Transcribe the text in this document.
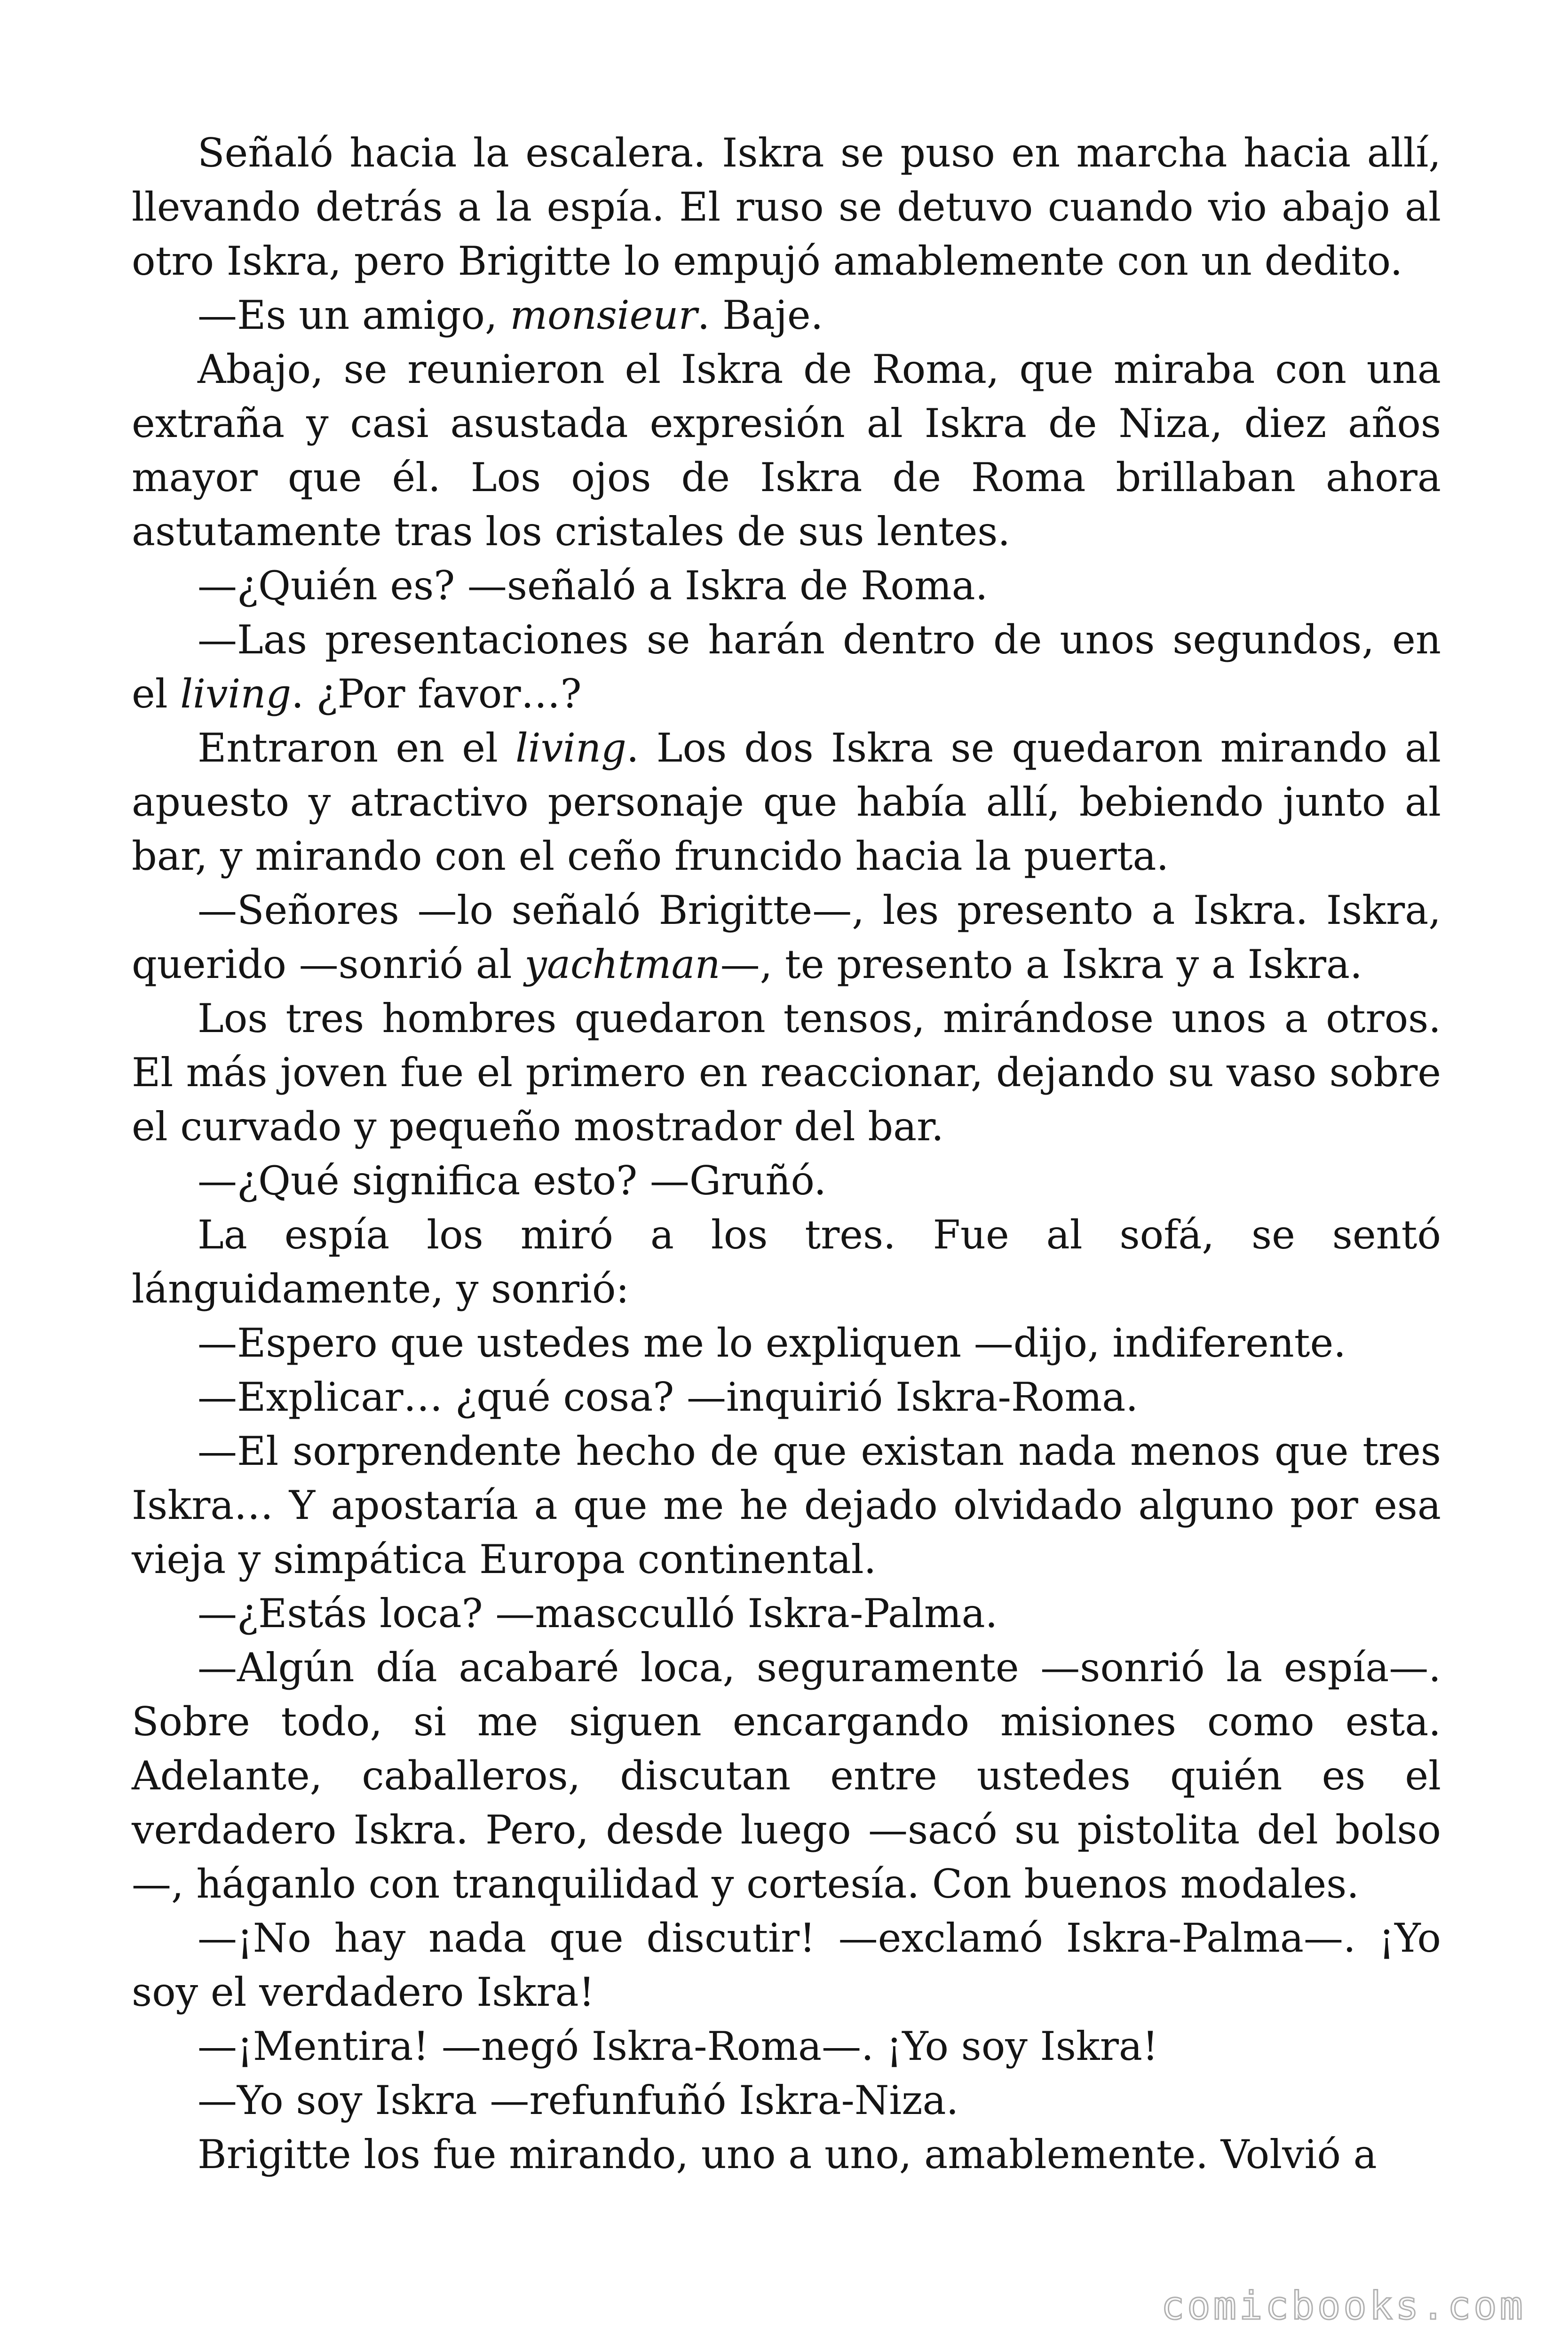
Señaló hacia la escalera. Iskra se puso en marcha hacia allí, llevando detrás a la espía. El ruso se detuvo cuando vio abajo al otro Iskra, pero Brigitte lo empujó amablemente con un dedito.

—Es un amigo, monsieur. Baje.

Abajo, se reunieron el Iskra de Roma, que miraba con una extraña y casi asustada expresión al Iskra de Niza, diez años mayor que él. Los ojos de Iskra de Roma brillaban ahora astutamente tras los cristales de sus lentes.

—¿Quién es? —señaló a Iskra de Roma.

—Las presentaciones se harán dentro de unos segundos, en el living. ¿Por favor…?

Entraron en el living. Los dos Iskra se quedaron mirando al apuesto y atractivo personaje que había allí, bebiendo junto al bar, y mirando con el ceño fruncido hacia la puerta.

—Señores —lo señaló Brigitte—, les presento a Iskra. Iskra, querido —sonrió al yachtman—, te presento a Iskra y a Iskra.

Los tres hombres quedaron tensos, mirándose unos a otros. El más joven fue el primero en reaccionar, dejando su vaso sobre el curvado y pequeño mostrador del bar.

—¿Qué significa esto? —Gruñó.

La espía los miró a los tres. Fue al sofá, se sentó lánguidamente, y sonrió:

—Espero que ustedes me lo expliquen —dijo, indiferente.

—Explicar… ¿qué cosa? —inquirió Iskra-Roma.

—El sorprendente hecho de que existan nada menos que tres Iskra… Y apostaría a que me he dejado olvidado alguno por esa vieja y simpática Europa continental.

—¿Estás loca? —mascculló Iskra-Palma.

—Algún día acabaré loca, seguramente —sonrió la espía—. Sobre todo, si me siguen encargando misiones como esta. Adelante, caballeros, discutan entre ustedes quién es el verdadero Iskra. Pero, desde luego —sacó su pistolita del bolso—, háganlo con tranquilidad y cortesía. Con buenos modales.

—¡No hay nada que discutir! —exclamó Iskra-Palma—. ¡Yo soy el verdadero Iskra!

—¡Mentira! —negó Iskra-Roma—. ¡Yo soy Iskra!

—Yo soy Iskra —refunfuñó Iskra-Niza.

Brigitte los fue mirando, uno a uno, amablemente. Volvió a

comicbooks.com
